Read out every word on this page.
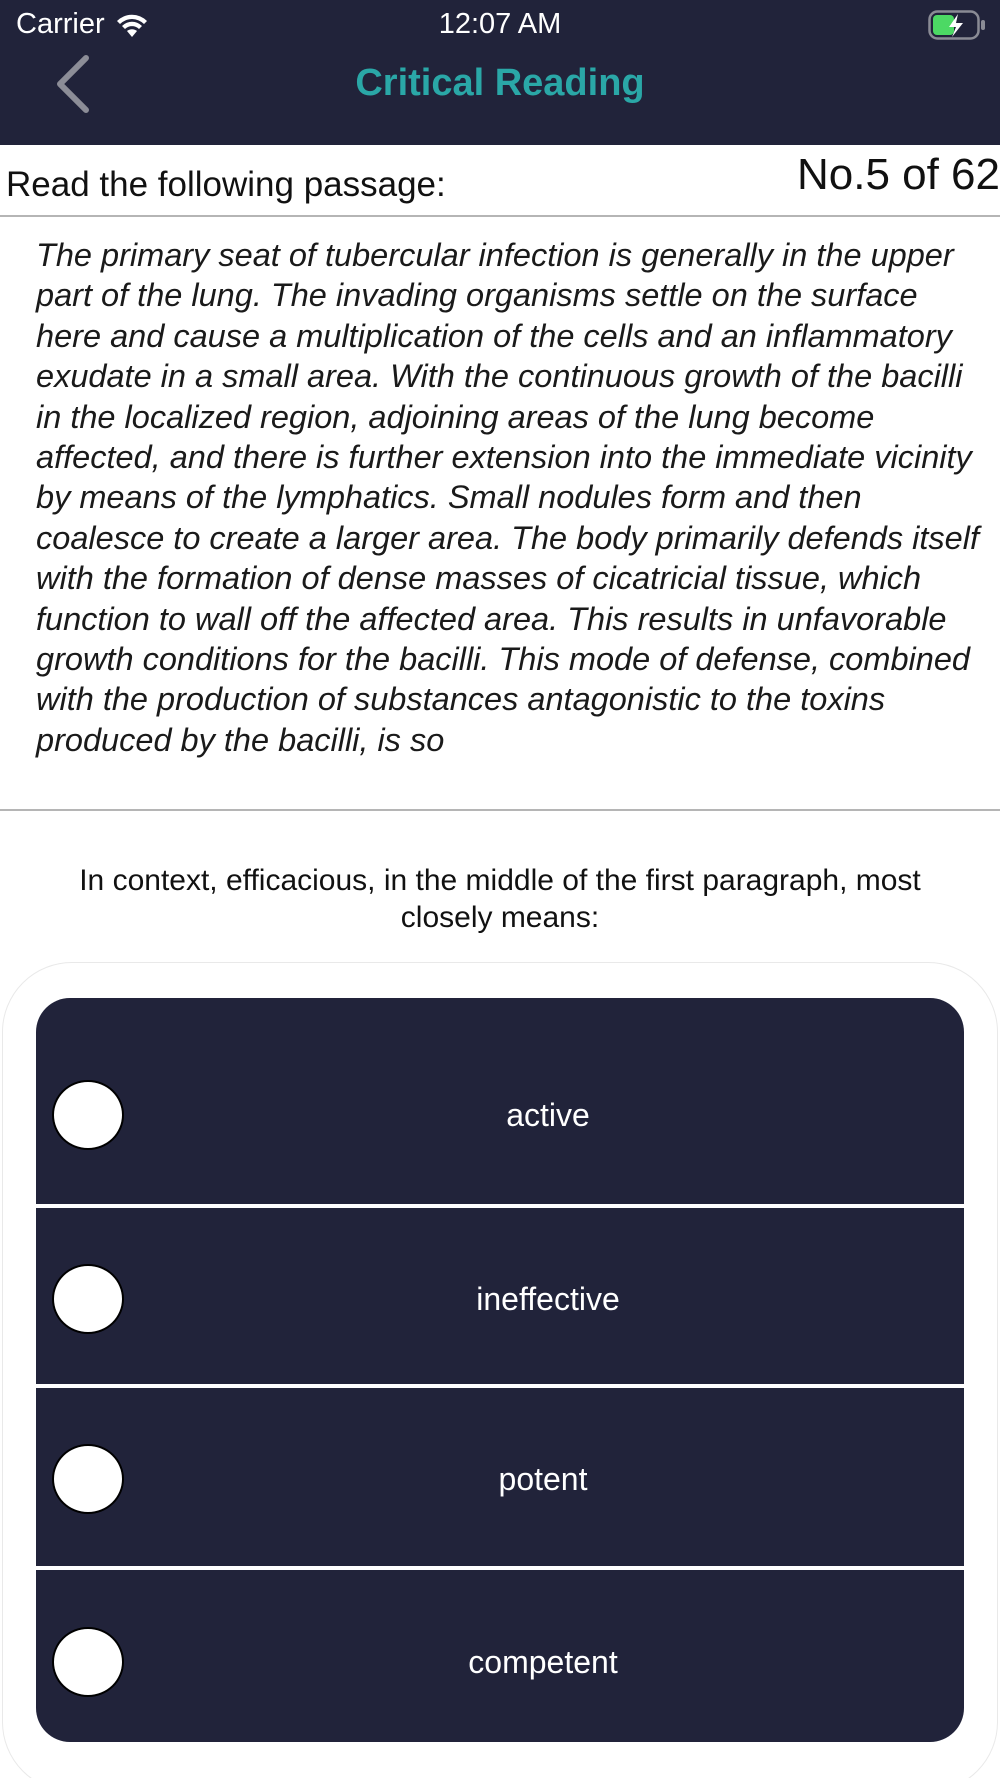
Carrier	12:07 AM
Critical Reading
Read the following passage:	No.5 of 62
The primary seat of tubercular infection is generally in the upper part of the lung. The invading organisms settle on the surface here and cause a multiplication of the cells and an inflammatory exudate in a small area. With the continuous growth of the bacilli in the localized region, adjoining areas of the lung become affected, and there is further extension into the immediate vicinity by means of the lymphatics. Small nodules form and then coalesce to create a larger area. The body primarily defends itself with the formation of dense masses of cicatricial tissue, which function to wall off the affected area. This results in unfavorable growth conditions for the bacilli. This mode of defense, combined with the production of substances antagonistic to the toxins produced by the bacilli, is so
In context, efficacious, in the middle of the first paragraph, most closely means:
active
ineffective
potent
competent
